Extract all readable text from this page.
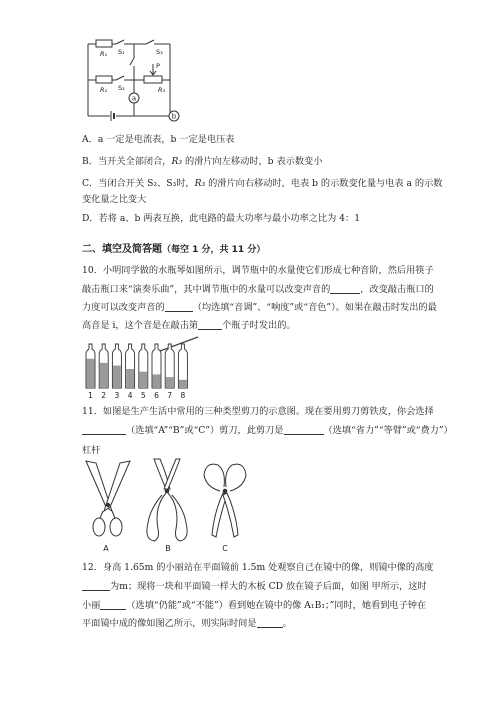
a
b
R₁
R₂	R₃
S₁
S₂
S₃
P
A．a 一定是电流表，b 一定是电压表
B．当开关全部闭合，R₃ 的滑片向左移动时，b 表示数变小
C．当闭合开关 S₂、S₃时，R₃ 的滑片向右移动时，电表 b 的示数变化量与电表 a 的示数
变化量之比变大
D．若将 a、b 两表互换，此电路的最大功率与最小功率之比为 4：1
二、填空及简答题（每空 1 分，共 11 分）
10．小明同学做的水瓶琴如图所示，调节瓶中的水量使它们形成七种音阶，然后用筷子
敲击瓶口来“演奏乐曲”，其中调节瓶中的水量可以改变声音的	，改变敲击瓶口的
力度可以改变声音的	（均选填“音调”、“响度”或“音色”）。如果在敲击时发出的最
高音是 i，这个音是在敲击第	个瓶子时发出的。
1 2 3 4 5 6 7 8
11．如图是生产生活中常用的三种类型剪刀的示意图。现在要用剪刀剪铁皮，你会选择
（选填“A”“B”或“C”）剪刀，此剪刀是	（选填“省力”“等臂”或“费力”）
杠杆
A	B	C
12．身高 1.65m 的小丽站在平面镜前 1.5m 处观察自己在镜中的像，则镜中像的高度
为m；现将一块和平面镜一样大的木板 CD 放在镜子后面，如图 甲所示，这时
小丽	（选填“仍能”或“不能”）看到她在镜中的像 A₁B₁；”同时，她看到电子钟在
平面镜中成的像如图乙所示，则实际时间是	。
